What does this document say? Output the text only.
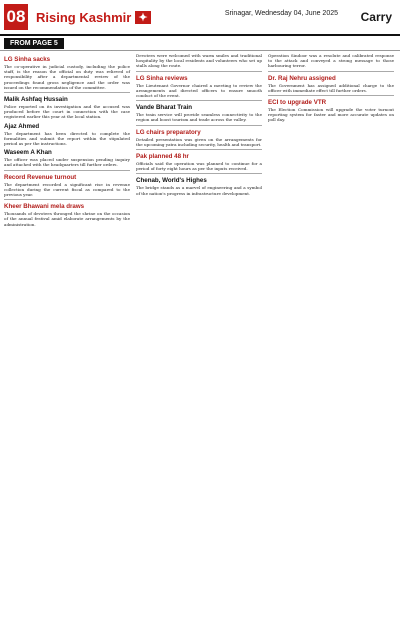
08 Rising Kashmir ✦	Srinagar, Wednesday 04, June 2025 Carry
FROM PAGE 5
LG Sinha sacks

The co-operative in judicial custody, including the police staff, is the reason the official on duty was relieved of responsibility after a departmental review of the proceedings found gross negligence and the order was issued on the recommendation of the committee.

Malik Ashfaq Hussain

Police reported on its investigation and the accused was produced before the court in connection with the case registered earlier this year at the local station.

Ajaz Ahmed

The department has been directed to complete the formalities and submit the report within the stipulated period as per the instructions.

Waseem A Khan

The officer was placed under suspension pending inquiry and attached with the headquarters till further orders.

Record Revenue turnout

The department recorded a significant rise in revenue collection during the current fiscal as compared to the previous year.

Kheer Bhawani mela draws

Thousands of devotees thronged the shrine on the occasion of the annual festival amid elaborate arrangements by the administration.

Devotees were welcomed with warm smiles and traditional hospitality by the local residents and volunteers who set up stalls along the route.

LG Sinha reviews

The Lieutenant Governor chaired a meeting to review the arrangements and directed officers to ensure smooth conduct of the event.

Vande Bharat Train

The train service will provide seamless connectivity to the region and boost tourism and trade across the valley.

LG chairs preparatory

Detailed presentation was given on the arrangements for the upcoming yatra including security, health and transport.

Pak planned 48 hr

Officials said the operation was planned to continue for a period of forty eight hours as per the inputs received.

Chenab, World's Highes

The bridge stands as a marvel of engineering and a symbol of the nation's progress in infrastructure development.

Operation Sindoor was a resolute and calibrated response to the attack and conveyed a strong message to those harbouring terror.

Dr. Raj Nehru assigned

The Government has assigned additional charge to the officer with immediate effect till further orders.

ECI to upgrade VTR

The Election Commission will upgrade the voter turnout reporting system for faster and more accurate updates on poll day.
